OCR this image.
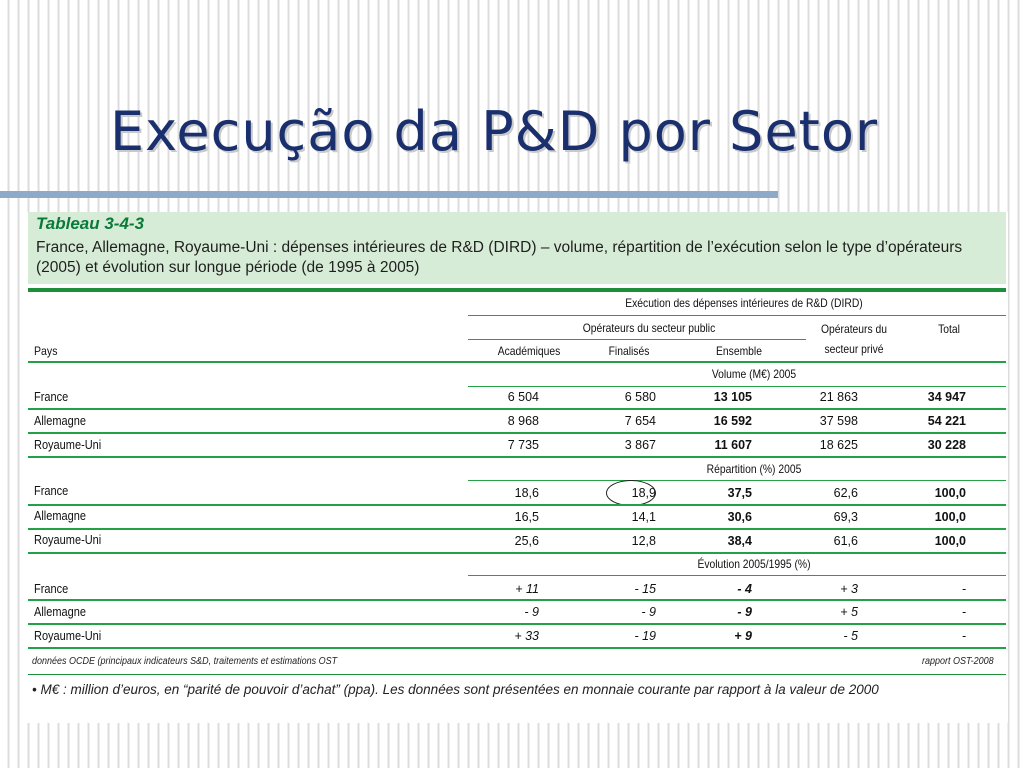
Execução da P&D por Setor
Tableau 3-4-3
France, Allemagne, Royaume-Uni : dépenses intérieures de R&D (DIRD) – volume, répartition de l’exécution selon le type d’opérateurs (2005) et évolution sur longue période (de 1995 à 2005)
Exécution des dépenses intérieures de R&D (DIRD)
Opérateurs du secteur public	Opérateurs du
secteur privé
Total
Pays	Académiques	Finalisés	Ensemble
Volume (M€) 2005
France	6 504	6 580	13 105	21 863	34 947
Allemagne	8 968	7 654	16 592	37 598	54 221
Royaume-Uni	7 735	3 867	11 607	18 625	30 228
Répartition (%) 2005
France	18,6	18,9	37,5	62,6	100,0
Allemagne	16,5	14,1	30,6	69,3	100,0
Royaume-Uni	25,6	12,8	38,4	61,6	100,0
Évolution 2005/1995 (%)
France	+ 11	- 15	- 4	+ 3	-
Allemagne	- 9	- 9	- 9	+ 5	-
Royaume-Uni	+ 33	- 19	+ 9	- 5	-
données OCDE (principaux indicateurs S&D, traitements et estimations OST	rapport OST-2008
• M€ : million d’euros, en “parité de pouvoir d’achat” (ppa). Les données sont présentées en monnaie courante par rapport à la valeur de 2000
